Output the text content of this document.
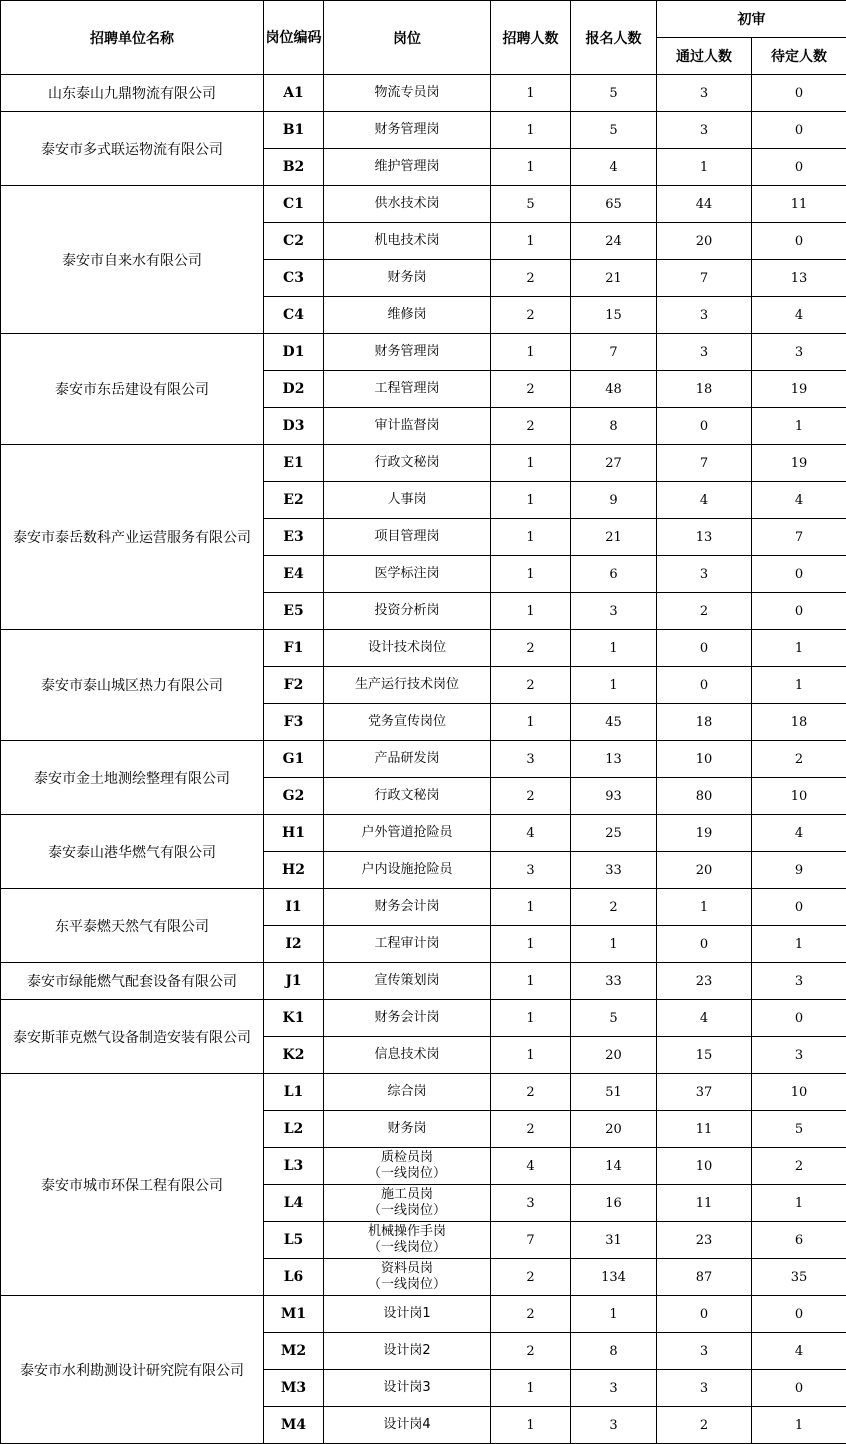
招聘单位名称	岗位编码	岗位	招聘人数	报名人数	初审	
					通过人数	待定人数
山东泰山九鼎物流有限公司	A1	物流专员岗	1	5	3	0
泰安市多式联运物流有限公司	B1	财务管理岗	1	5	3	0
	B2	维护管理岗	1	4	1	0
泰安市自来水有限公司	C1	供水技术岗	5	65	44	11
	C2	机电技术岗	1	24	20	0
	C3	财务岗	2	21	7	13
	C4	维修岗	2	15	3	4
泰安市东岳建设有限公司	D1	财务管理岗	1	7	3	3
	D2	工程管理岗	2	48	18	19
	D3	审计监督岗	2	8	0	1
泰安市泰岳数科产业运营服务有限公司	E1	行政文秘岗	1	27	7	19
	E2	人事岗	1	9	4	4
	E3	项目管理岗	1	21	13	7
	E4	医学标注岗	1	6	3	0
	E5	投资分析岗	1	3	2	0
泰安市泰山城区热力有限公司	F1	设计技术岗位	2	1	0	1
	F2	生产运行技术岗位	2	1	0	1
	F3	党务宣传岗位	1	45	18	18
泰安市金土地测绘整理有限公司	G1	产品研发岗	3	13	10	2
	G2	行政文秘岗	2	93	80	10
泰安泰山港华燃气有限公司	H1	户外管道抢险员	4	25	19	4
	H2	户内设施抢险员	3	33	20	9
东平泰燃天然气有限公司	I1	财务会计岗	1	2	1	0
	I2	工程审计岗	1	1	0	1
泰安市绿能燃气配套设备有限公司	J1	宣传策划岗	1	33	23	3
泰安斯菲克燃气设备制造安装有限公司	K1	财务会计岗	1	5	4	0
	K2	信息技术岗	1	20	15	3
泰安市城市环保工程有限公司	L1	综合岗	2	51	37	10
	L2	财务岗	2	20	11	5
	L3	质检员岗
（一线岗位）	4	14	10	2
	L4	施工员岗
（一线岗位）	3	16	11	1
	L5	机械操作手岗
（一线岗位）	7	31	23	6
	L6	资料员岗
（一线岗位）	2	134	87	35
泰安市水利勘测设计研究院有限公司	M1	设计岗1	2	1	0	0
	M2	设计岗2	2	8	3	4
	M3	设计岗3	1	3	3	0
	M4	设计岗4	1	3	2	1
